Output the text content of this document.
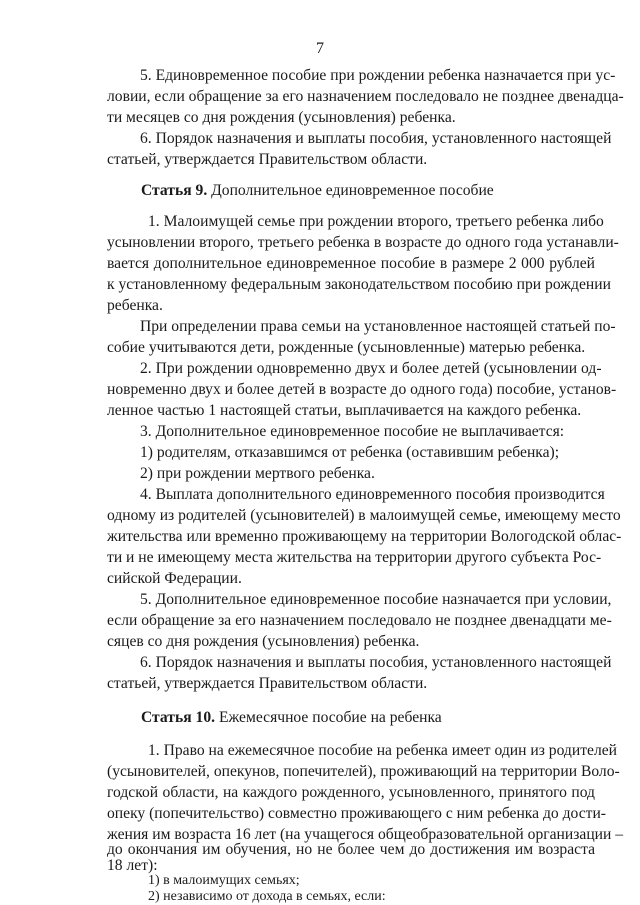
7
5. Единовременное пособие при рождении ребенка назначается при ус-
ловии, если обращение за его назначением последовало не позднее двенадца-
ти месяцев со дня рождения (усыновления) ребенка.
6. Порядок назначения и выплаты пособия, установленного настоящей
статьей, утверждается Правительством области.
Статья 9. Дополнительное единовременное пособие
1. Малоимущей семье при рождении второго, третьего ребенка либо
усыновлении второго, третьего ребенка в возрасте до одного года устанавли-
вается дополнительное единовременное пособие в размере 2 000 рублей
к установленному федеральным законодательством пособию при рождении
ребенка.
При определении права семьи на установленное настоящей статьей по-
собие учитываются дети, рожденные (усыновленные) матерью ребенка.
2. При рождении одновременно двух и более детей (усыновлении од-
новременно двух и более детей в возрасте до одного года) пособие, установ-
ленное частью 1 настоящей статьи, выплачивается на каждого ребенка.
3. Дополнительное единовременное пособие не выплачивается:
1) родителям, отказавшимся от ребенка (оставившим ребенка);
2) при рождении мертвого ребенка.
4. Выплата дополнительного единовременного пособия производится
одному из родителей (усыновителей) в малоимущей семье, имеющему место
жительства или временно проживающему на территории Вологодской облас-
ти и не имеющему места жительства на территории другого субъекта Рос-
сийской Федерации.
5. Дополнительное единовременное пособие назначается при условии,
если обращение за его назначением последовало не позднее двенадцати ме-
сяцев со дня рождения (усыновления) ребенка.
6. Порядок назначения и выплаты пособия, установленного настоящей
статьей, утверждается Правительством области.
Статья 10. Ежемесячное пособие на ребенка
1. Право на ежемесячное пособие на ребенка имеет один из родителей
(усыновителей, опекунов, попечителей), проживающий на территории Воло-
годской области, на каждого рожденного, усыновленного, принятого под
опеку (попечительство) совместно проживающего с ним ребенка до дости-
жения им возраста 16 лет (на учащегося общеобразовательной организации –
до окончания им обучения, но не более чем до достижения им возраста
18 лет):
1) в малоимущих семьях;
2) независимо от дохода в семьях, если:
